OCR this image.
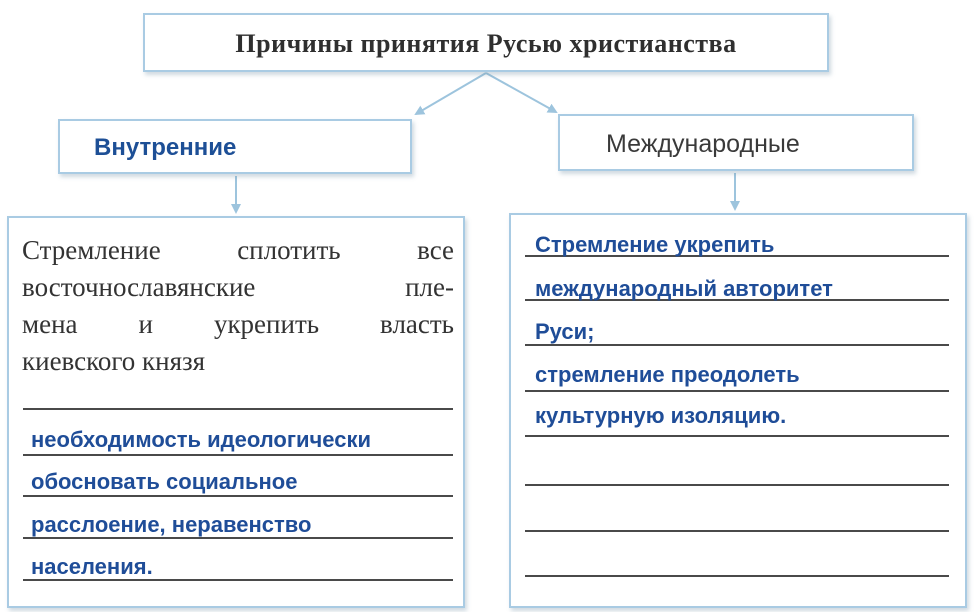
Причины принятия Русью христианства
Внутренние	Международные
Стремление сплотить все
восточнославянские пле-
мена и укрепить власть
киевского князя
необходимость идеологически
обосновать социальное
расслоение, неравенство
населения.
Стремление укрепить
международный авторитет
Руси;
стремление преодолеть
культурную изоляцию.
